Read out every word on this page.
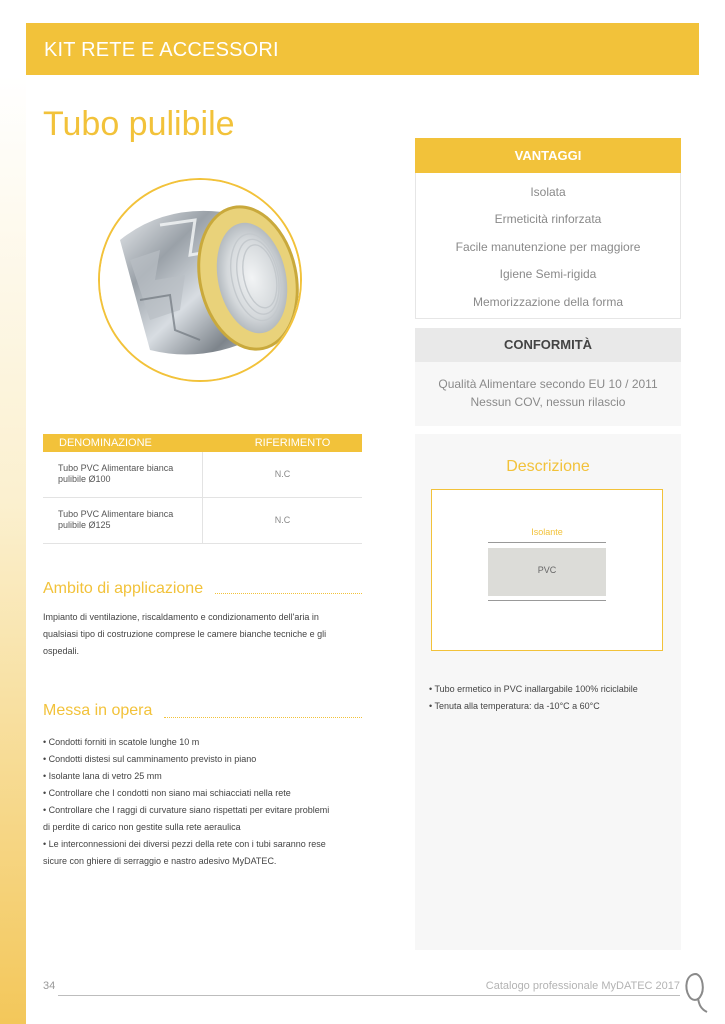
KIT RETE E ACCESSORI
Tubo pulibile
VANTAGGI
Isolata
Ermeticità rinforzata
Facile manutenzione per maggiore
Igiene Semi-rigida
Memorizzazione della forma
CONFORMITÀ
Qualità Alimentare secondo EU 10 / 2011
Nessun COV, nessun rilascio
DENOMINAZIONE	RIFERIMENTO
Tubo PVC Alimentare bianca
pulibile Ø100	N.C
Tubo PVC Alimentare bianca
pulibile Ø125	N.C
Ambito di applicazione
Impianto di ventilazione, riscaldamento e condizionamento dell'aria in
qualsiasi tipo di costruzione comprese le camere bianche tecniche e gli
ospedali.
Messa in opera
• Condotti forniti in scatole lunghe 10 m
• Condotti distesi sul camminamento previsto in piano
• Isolante lana di vetro 25 mm
• Controllare che I condotti non siano mai schiacciati nella rete
• Controllare che I raggi di curvature siano rispettati per evitare problemi
di perdite di carico non gestite sulla rete aeraulica
• Le interconnessioni dei diversi pezzi della rete con i tubi saranno rese
sicure con ghiere di serraggio e nastro adesivo MyDATEC.
Descrizione
Isolante
PVC
• Tubo ermetico in PVC inallargabile 100% riciclabile
• Tenuta alla temperatura: da -10°C a 60°C
34	Catalogo professionale MyDATEC 2017
